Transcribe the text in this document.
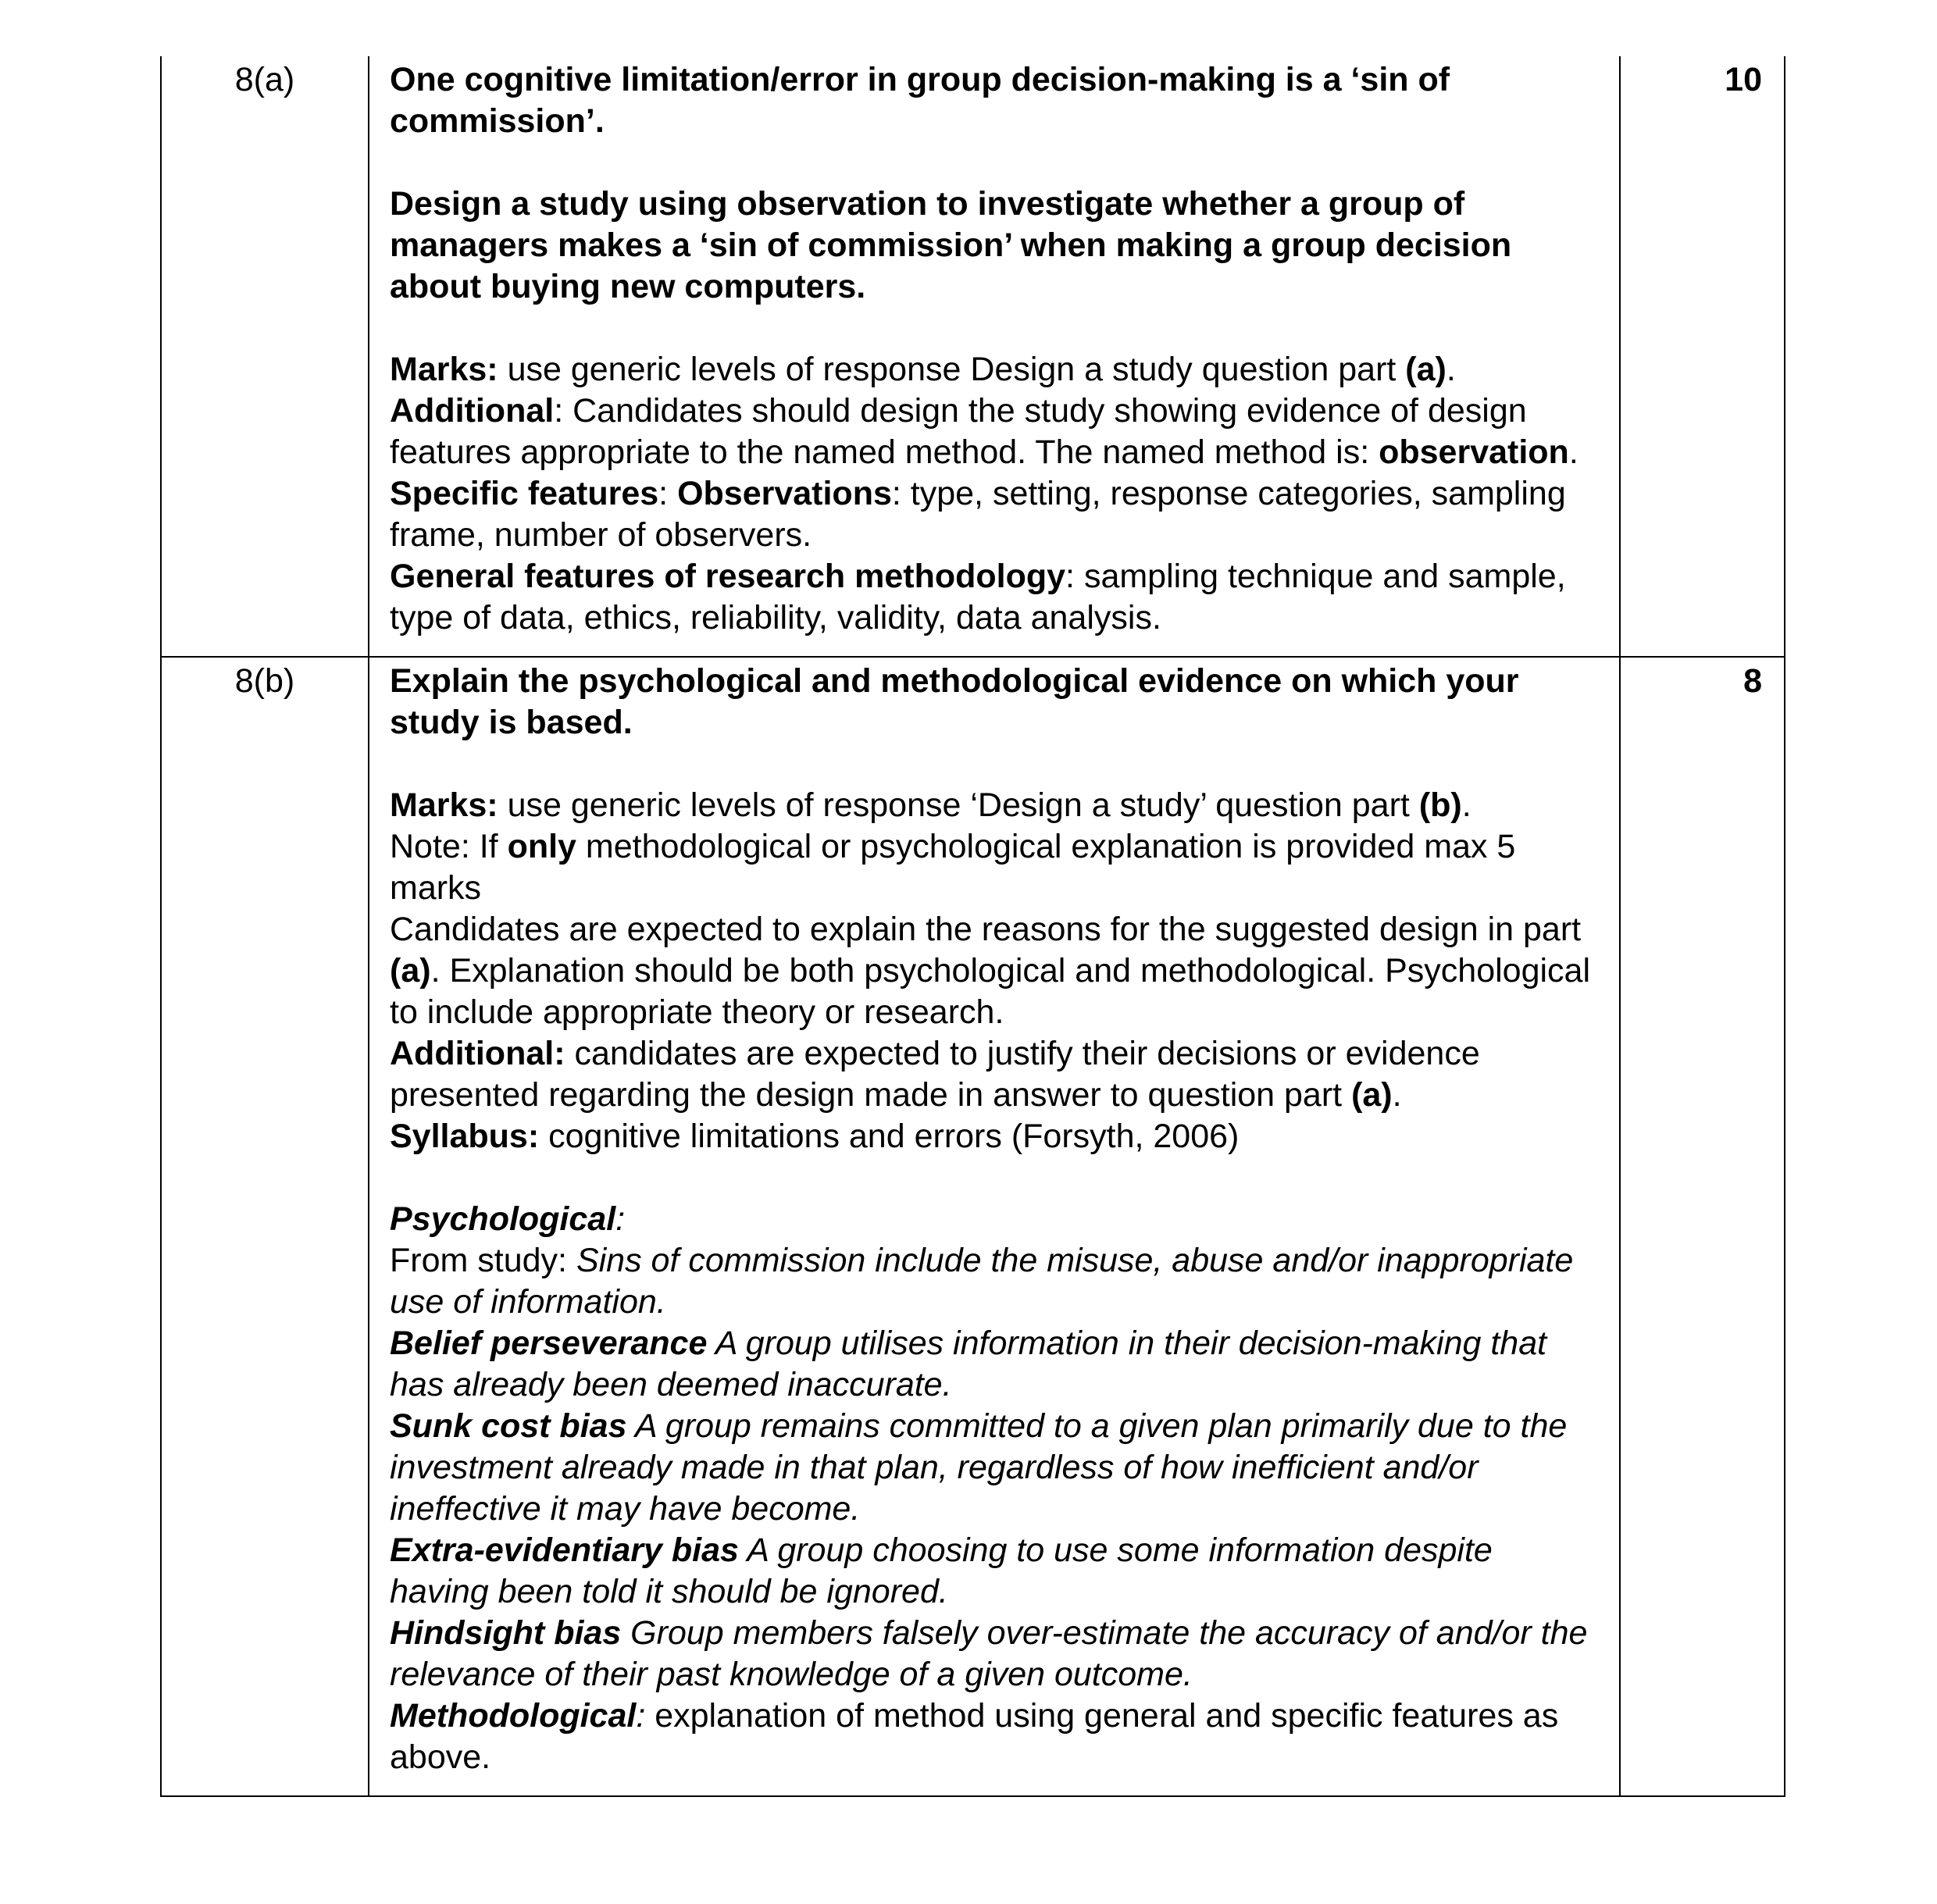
8(a)	One cognitive limitation/error in group decision-making is a ‘sin of commission’.

Design a study using observation to investigate whether a group of managers makes a ‘sin of commission’ when making a group decision about buying new computers.

Marks: use generic levels of response Design a study question part (a).

Additional: Candidates should design the study showing evidence of design features appropriate to the named method. The named method is: observation.

Specific features: Observations: type, setting, response categories, sampling frame, number of observers.

General features of research methodology: sampling technique and sample, type of data, ethics, reliability, validity, data analysis.

10
8(b)	Explain the psychological and methodological evidence on which your study is based.

Marks: use generic levels of response ‘Design a study’ question part (b).

Note: If only methodological or psychological explanation is provided max 5 marks

Candidates are expected to explain the reasons for the suggested design in part (a). Explanation should be both psychological and methodological. Psychological to include appropriate theory or research.

Additional: candidates are expected to justify their decisions or evidence presented regarding the design made in answer to question part (a).

Syllabus: cognitive limitations and errors (Forsyth, 2006)

Psychological:

From study: Sins of commission include the misuse, abuse and/or inappropriate use of information.

Belief perseverance A group utilises information in their decision-making that has already been deemed inaccurate.

Sunk cost bias A group remains committed to a given plan primarily due to the investment already made in that plan, regardless of how inefficient and/or ineffective it may have become.

Extra-evidentiary bias A group choosing to use some information despite having been told it should be ignored.

Hindsight bias Group members falsely over-estimate the accuracy of and/or the relevance of their past knowledge of a given outcome.

Methodological: explanation of method using general and specific features as above.

8
